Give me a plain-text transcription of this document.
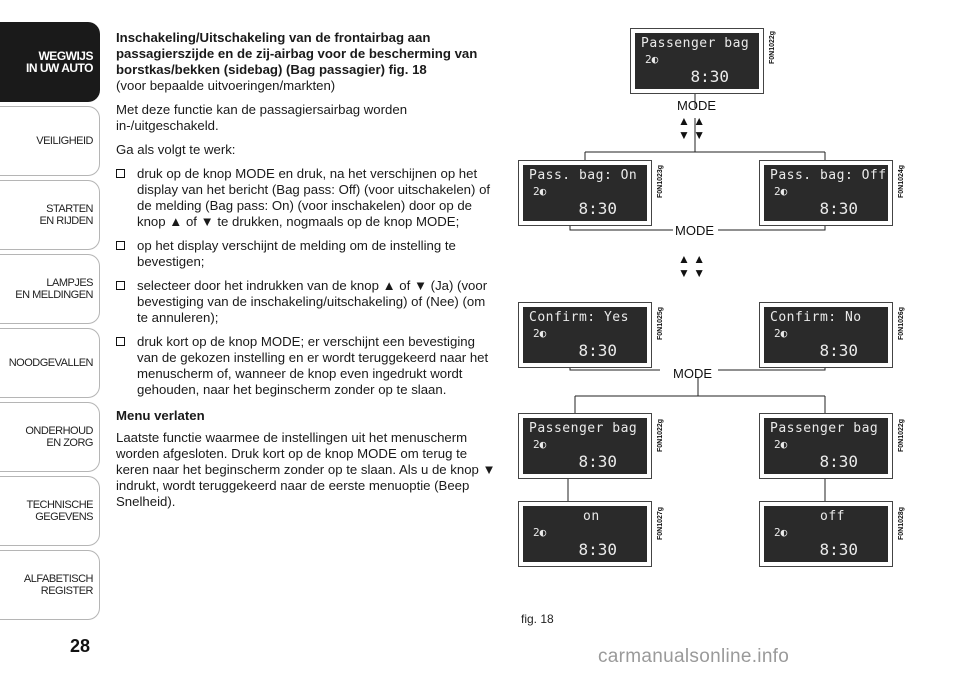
WEGWIJS
IN UW AUTO
VEILIGHEID
STARTEN
EN RIJDEN
LAMPJES
EN MELDINGEN
NOODGEVALLEN
ONDERHOUD
EN ZORG
TECHNISCHE
GEGEVENS
ALFABETISCH
REGISTER
28

Inschakeling/Uitschakeling van de frontairbag aan passagierszijde en de zij-airbag voor de bescherming van borstkas/bekken (sidebag) (Bag passagier) fig. 18

(voor bepaalde uitvoeringen/markten)

Met deze functie kan de passagiersairbag worden in-/uitgeschakeld.

Ga als volgt te werk:

druk op de knop MODE en druk, na het verschijnen op het display van het bericht (Bag pass: Off) (voor uitschakelen) of de melding (Bag pass: On) (voor inschakelen) door op de knop ▲ of ▼ te drukken, nogmaals op de knop MODE;
op het display verschijnt de melding om de instelling te bevestigen;
selecteer door het indrukken van de knop ▲ of ▼ (Ja) (voor bevestiging van de inschakeling/uitschakeling) of (Nee) (om te annuleren);
druk kort op de knop MODE; er verschijnt een bevestiging van de gekozen instelling en er wordt teruggekeerd naar het menuscherm of, wanneer de knop even ingedrukt wordt gehouden, naar het beginscherm zonder op te slaan.

Menu verlaten

Laatste functie waarmee de instellingen uit het menuscherm worden afgesloten. Druk kort op de knop MODE om terug te keren naar het beginscherm zonder op te slaan. Als u de knop ▼ indrukt, wordt teruggekeerd naar de eerste menuoptie (Beep Snelheid).

Passenger bag
2◐
8:30
F0N1022g
MODE
▲ ▲
▼ ▼
Pass. bag: On
2◐
8:30
F0N1023g	Pass. bag: Off
2◐
8:30
F0N1024g
MODE
▲ ▲
▼ ▼
Confirm: Yes
2◐
8:30
F0N1025g	Confirm: No
2◐
8:30
F0N1026g
MODE
Passenger bag
2◐
8:30
F0N1022g	Passenger bag
2◐
8:30
F0N1022g
on
2◐
8:30
F0N1027g	off
2◐
8:30
F0N1028g
fig. 18
carmanualsonline.info
